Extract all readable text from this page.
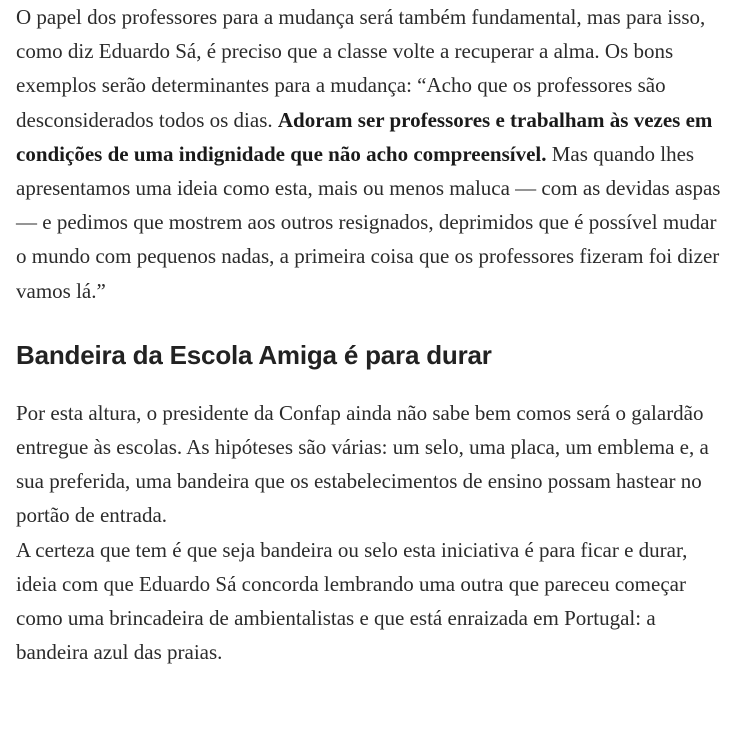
O papel dos professores para a mudança será também fundamental, mas para isso, como diz Eduardo Sá, é preciso que a classe volte a recuperar a alma. Os bons exemplos serão determinantes para a mudança: “Acho que os professores são desconsiderados todos os dias. Adoram ser professores e trabalham às vezes em condições de uma indignidade que não acho compreensível. Mas quando lhes apresentamos uma ideia como esta, mais ou menos maluca — com as devidas aspas — e pedimos que mostrem aos outros resignados, deprimidos que é possível mudar o mundo com pequenos nadas, a primeira coisa que os professores fizeram foi dizer vamos lá.”

Bandeira da Escola Amiga é para durar

Por esta altura, o presidente da Confap ainda não sabe bem comos será o galardão entregue às escolas. As hipóteses são várias: um selo, uma placa, um emblema e, a sua preferida, uma bandeira que os estabelecimentos de ensino possam hastear no portão de entrada.

A certeza que tem é que seja bandeira ou selo esta iniciativa é para ficar e durar, ideia com que Eduardo Sá concorda lembrando uma outra que pareceu começar como uma brincadeira de ambientalistas e que está enraizada em Portugal: a bandeira azul das praias.
